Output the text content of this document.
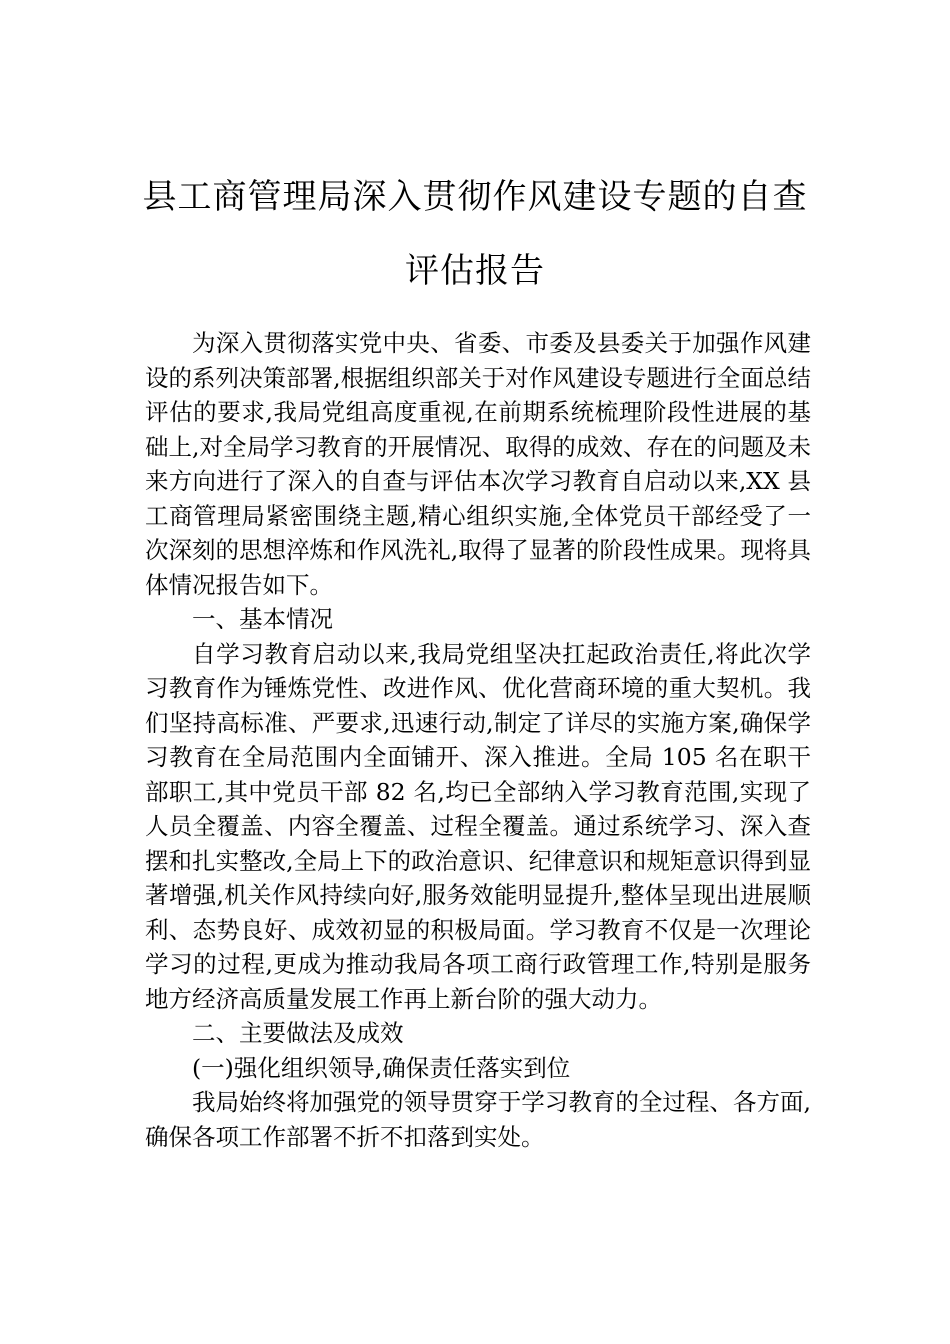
县工商管理局深入贯彻作风建设专题的自查评估报告

为深入贯彻落实党中央、省委、市委及县委关于加强作风建设的系列决策部署,根据组织部关于对作风建设专题进行全面总结评估的要求,我局党组高度重视,在前期系统梳理阶段性进展的基础上,对全局学习教育的开展情况、取得的成效、存在的问题及未来方向进行了深入的自查与评估本次学习教育自启动以来,XX 县工商管理局紧密围绕主题,精心组织实施,全体党员干部经受了一次深刻的思想淬炼和作风洗礼,取得了显著的阶段性成果。现将具体情况报告如下。

一、基本情况

自学习教育启动以来,我局党组坚决扛起政治责任,将此次学习教育作为锤炼党性、改进作风、优化营商环境的重大契机。我们坚持高标准、严要求,迅速行动,制定了详尽的实施方案,确保学习教育在全局范围内全面铺开、深入推进。全局 105 名在职干部职工,其中党员干部 82 名,均已全部纳入学习教育范围,实现了人员全覆盖、内容全覆盖、过程全覆盖。通过系统学习、深入查摆和扎实整改,全局上下的政治意识、纪律意识和规矩意识得到显著增强,机关作风持续向好,服务效能明显提升,整体呈现出进展顺利、态势良好、成效初显的积极局面。学习教育不仅是一次理论学习的过程,更成为推动我局各项工商行政管理工作,特别是服务地方经济高质量发展工作再上新台阶的强大动力。

二、主要做法及成效

(一)强化组织领导,确保责任落实到位

我局始终将加强党的领导贯穿于学习教育的全过程、各方面,确保各项工作部署不折不扣落到实处。
